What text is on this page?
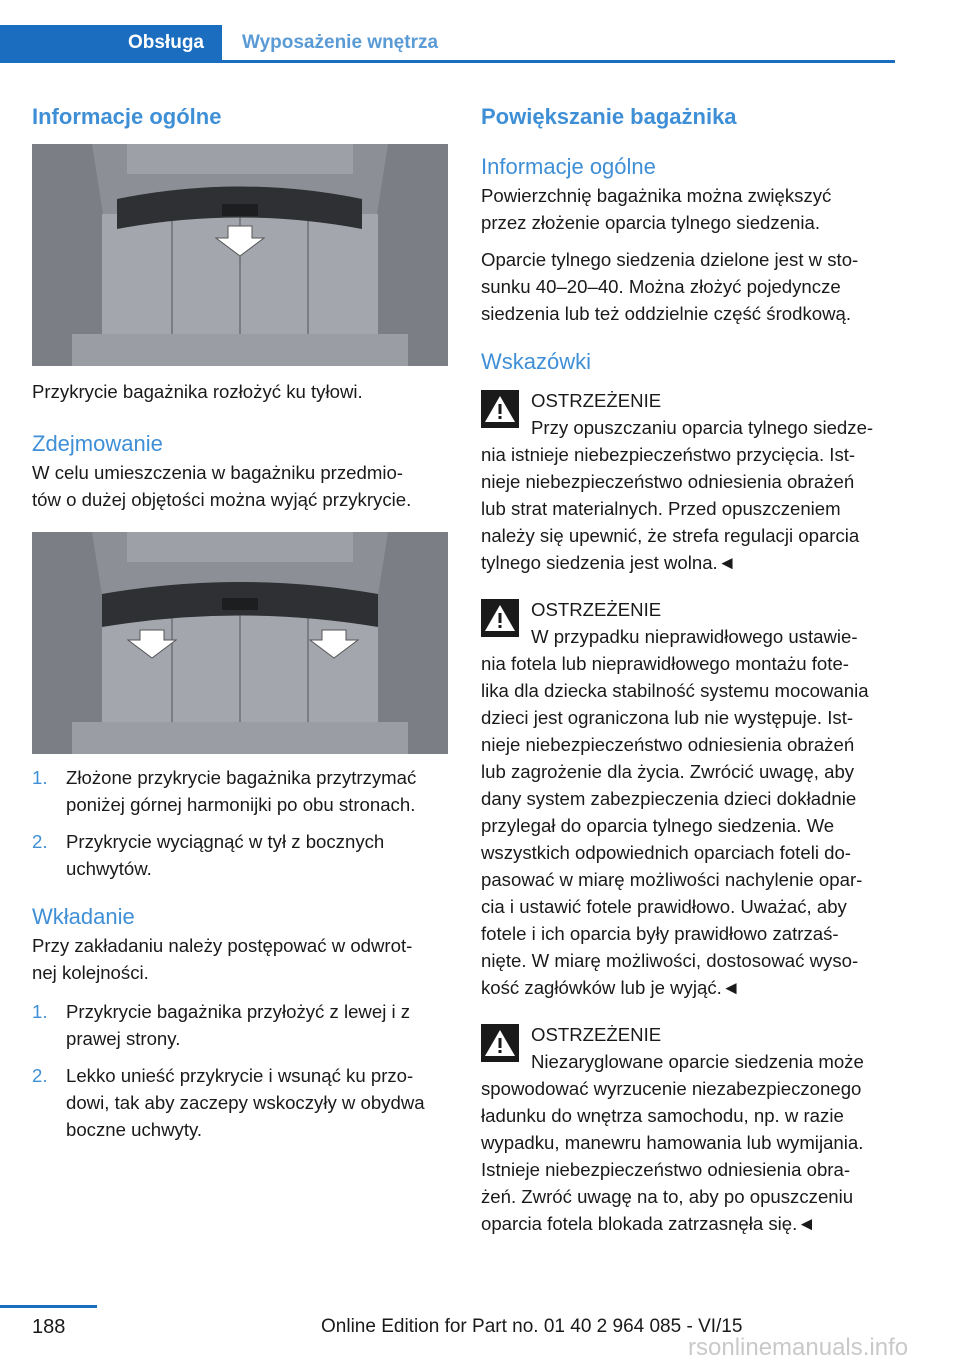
Obsługa	Wyposażenie wnętrza
Informacje ogólne

Przykrycie bagażnika rozłożyć ku tyłowi.

Zdejmowanie

W celu umieszczenia w bagażniku przedmio‐

tów o dużej objętości można wyjąć przykrycie.

1. Złożone przykrycie bagażnika przytrzymać
poniżej górnej harmonijki po obu stronach.
2. Przykrycie wyciągnąć w tył z bocznych
uchwytów.
Wkładanie

Przy zakładaniu należy postępować w odwrot‐

nej kolejności.

1. Przykrycie bagażnika przyłożyć z lewej i z
prawej strony.
2. Lekko unieść przykrycie i wsunąć ku przo‐
dowi, tak aby zaczepy wskoczyły w obydwa
boczne uchwyty.
Powiększanie bagażnika
Informacje ogólne

Powierzchnię bagażnika można zwiększyć

przez złożenie oparcia tylnego siedzenia.

Oparcie tylnego siedzenia dzielone jest w sto‐

sunku 40–20–40. Można złożyć pojedyncze

siedzenia lub też oddzielnie część środkową.

Wskazówki
OSTRZEŻENIE
Przy opuszczaniu oparcia tylnego siedze‐
nia istnieje niebezpieczeństwo przycięcia. Ist‐
nieje niebezpieczeństwo odniesienia obrażeń
lub strat materialnych. Przed opuszczeniem
należy się upewnić, że strefa regulacji oparcia
tylnego siedzenia jest wolna.◄
OSTRZEŻENIE
W przypadku nieprawidłowego ustawie‐
nia fotela lub nieprawidłowego montażu fote‐
lika dla dziecka stabilność systemu mocowania
dzieci jest ograniczona lub nie występuje. Ist‐
nieje niebezpieczeństwo odniesienia obrażeń
lub zagrożenie dla życia. Zwrócić uwagę, aby
dany system zabezpieczenia dzieci dokładnie
przylegał do oparcia tylnego siedzenia. We
wszystkich odpowiednich oparciach foteli do‐
pasować w miarę możliwości nachylenie opar‐
cia i ustawić fotele prawidłowo. Uważać, aby
fotele i ich oparcia były prawidłowo zatrzaś‐
nięte. W miarę możliwości, dostosować wyso‐
kość zagłówków lub je wyjąć.◄
OSTRZEŻENIE
Niezaryglowane oparcie siedzenia może
spowodować wyrzucenie niezabezpieczonego
ładunku do wnętrza samochodu, np. w razie
wypadku, manewru hamowania lub wymijania.
Istnieje niebezpieczeństwo odniesienia obra‐
żeń. Zwróć uwagę na to, aby po opuszczeniu
oparcia fotela blokada zatrzasnęła się.◄
188	Online Edition for Part no. 01 40 2 964 085 - VI/15
rsonlinemanuals.info
